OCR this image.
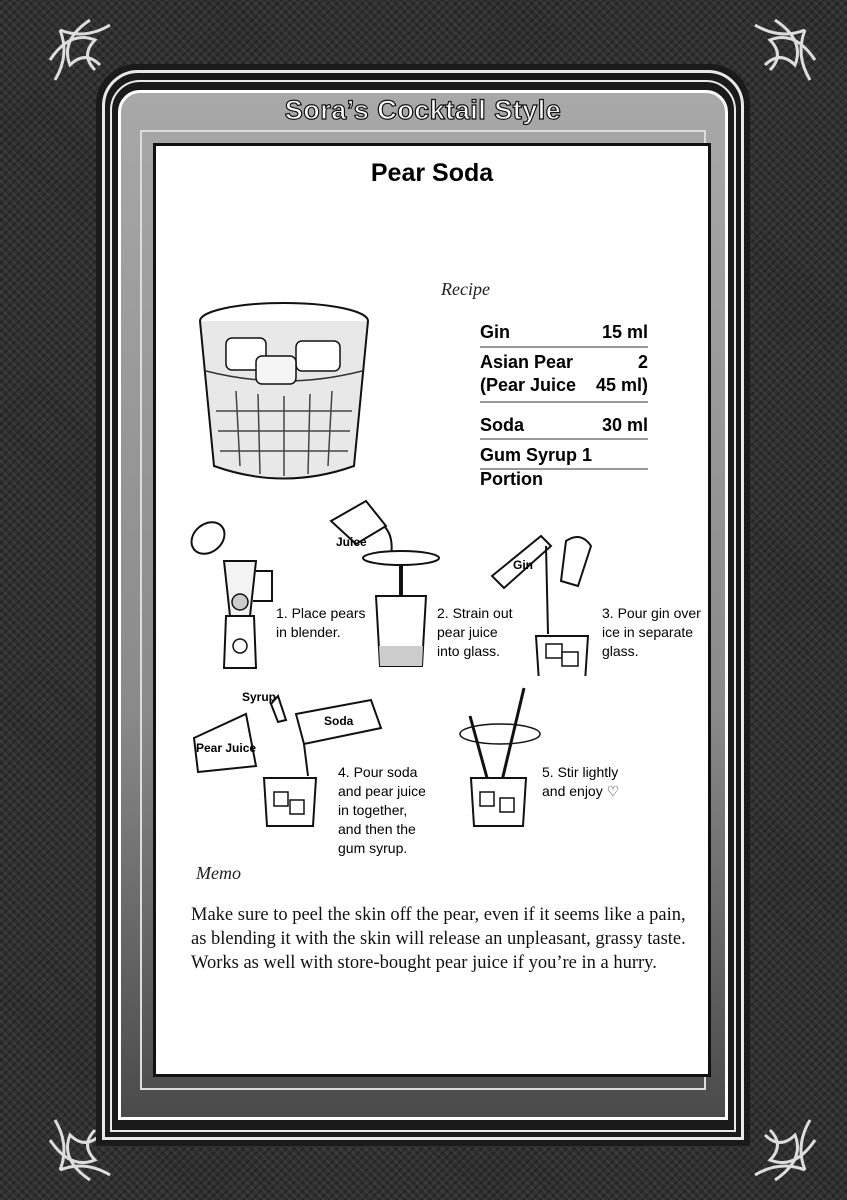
Sora’s Cocktail Style
Pear Soda
Recipe
Gin	15 ml
Asian Pear	2
(Pear Juice 45 ml)
Soda	30 ml
Gum Syrup 1 Portion
1. Place pears
in blender.
Juice
2. Strain out
pear juice
into glass.
Gin
3. Pour gin over
ice in separate
glass.
Syrup
Soda
Pear Juice
4. Pour soda
and pear juice
in together,
and then the
gum syrup.
5. Stir lightly
and enjoy ♡
Memo
Make sure to peel the skin off the pear, even if it seems like a pain, as blending it with the skin will release an unpleasant, grassy taste. Works as well with store-bought pear juice if you’re in a hurry.
